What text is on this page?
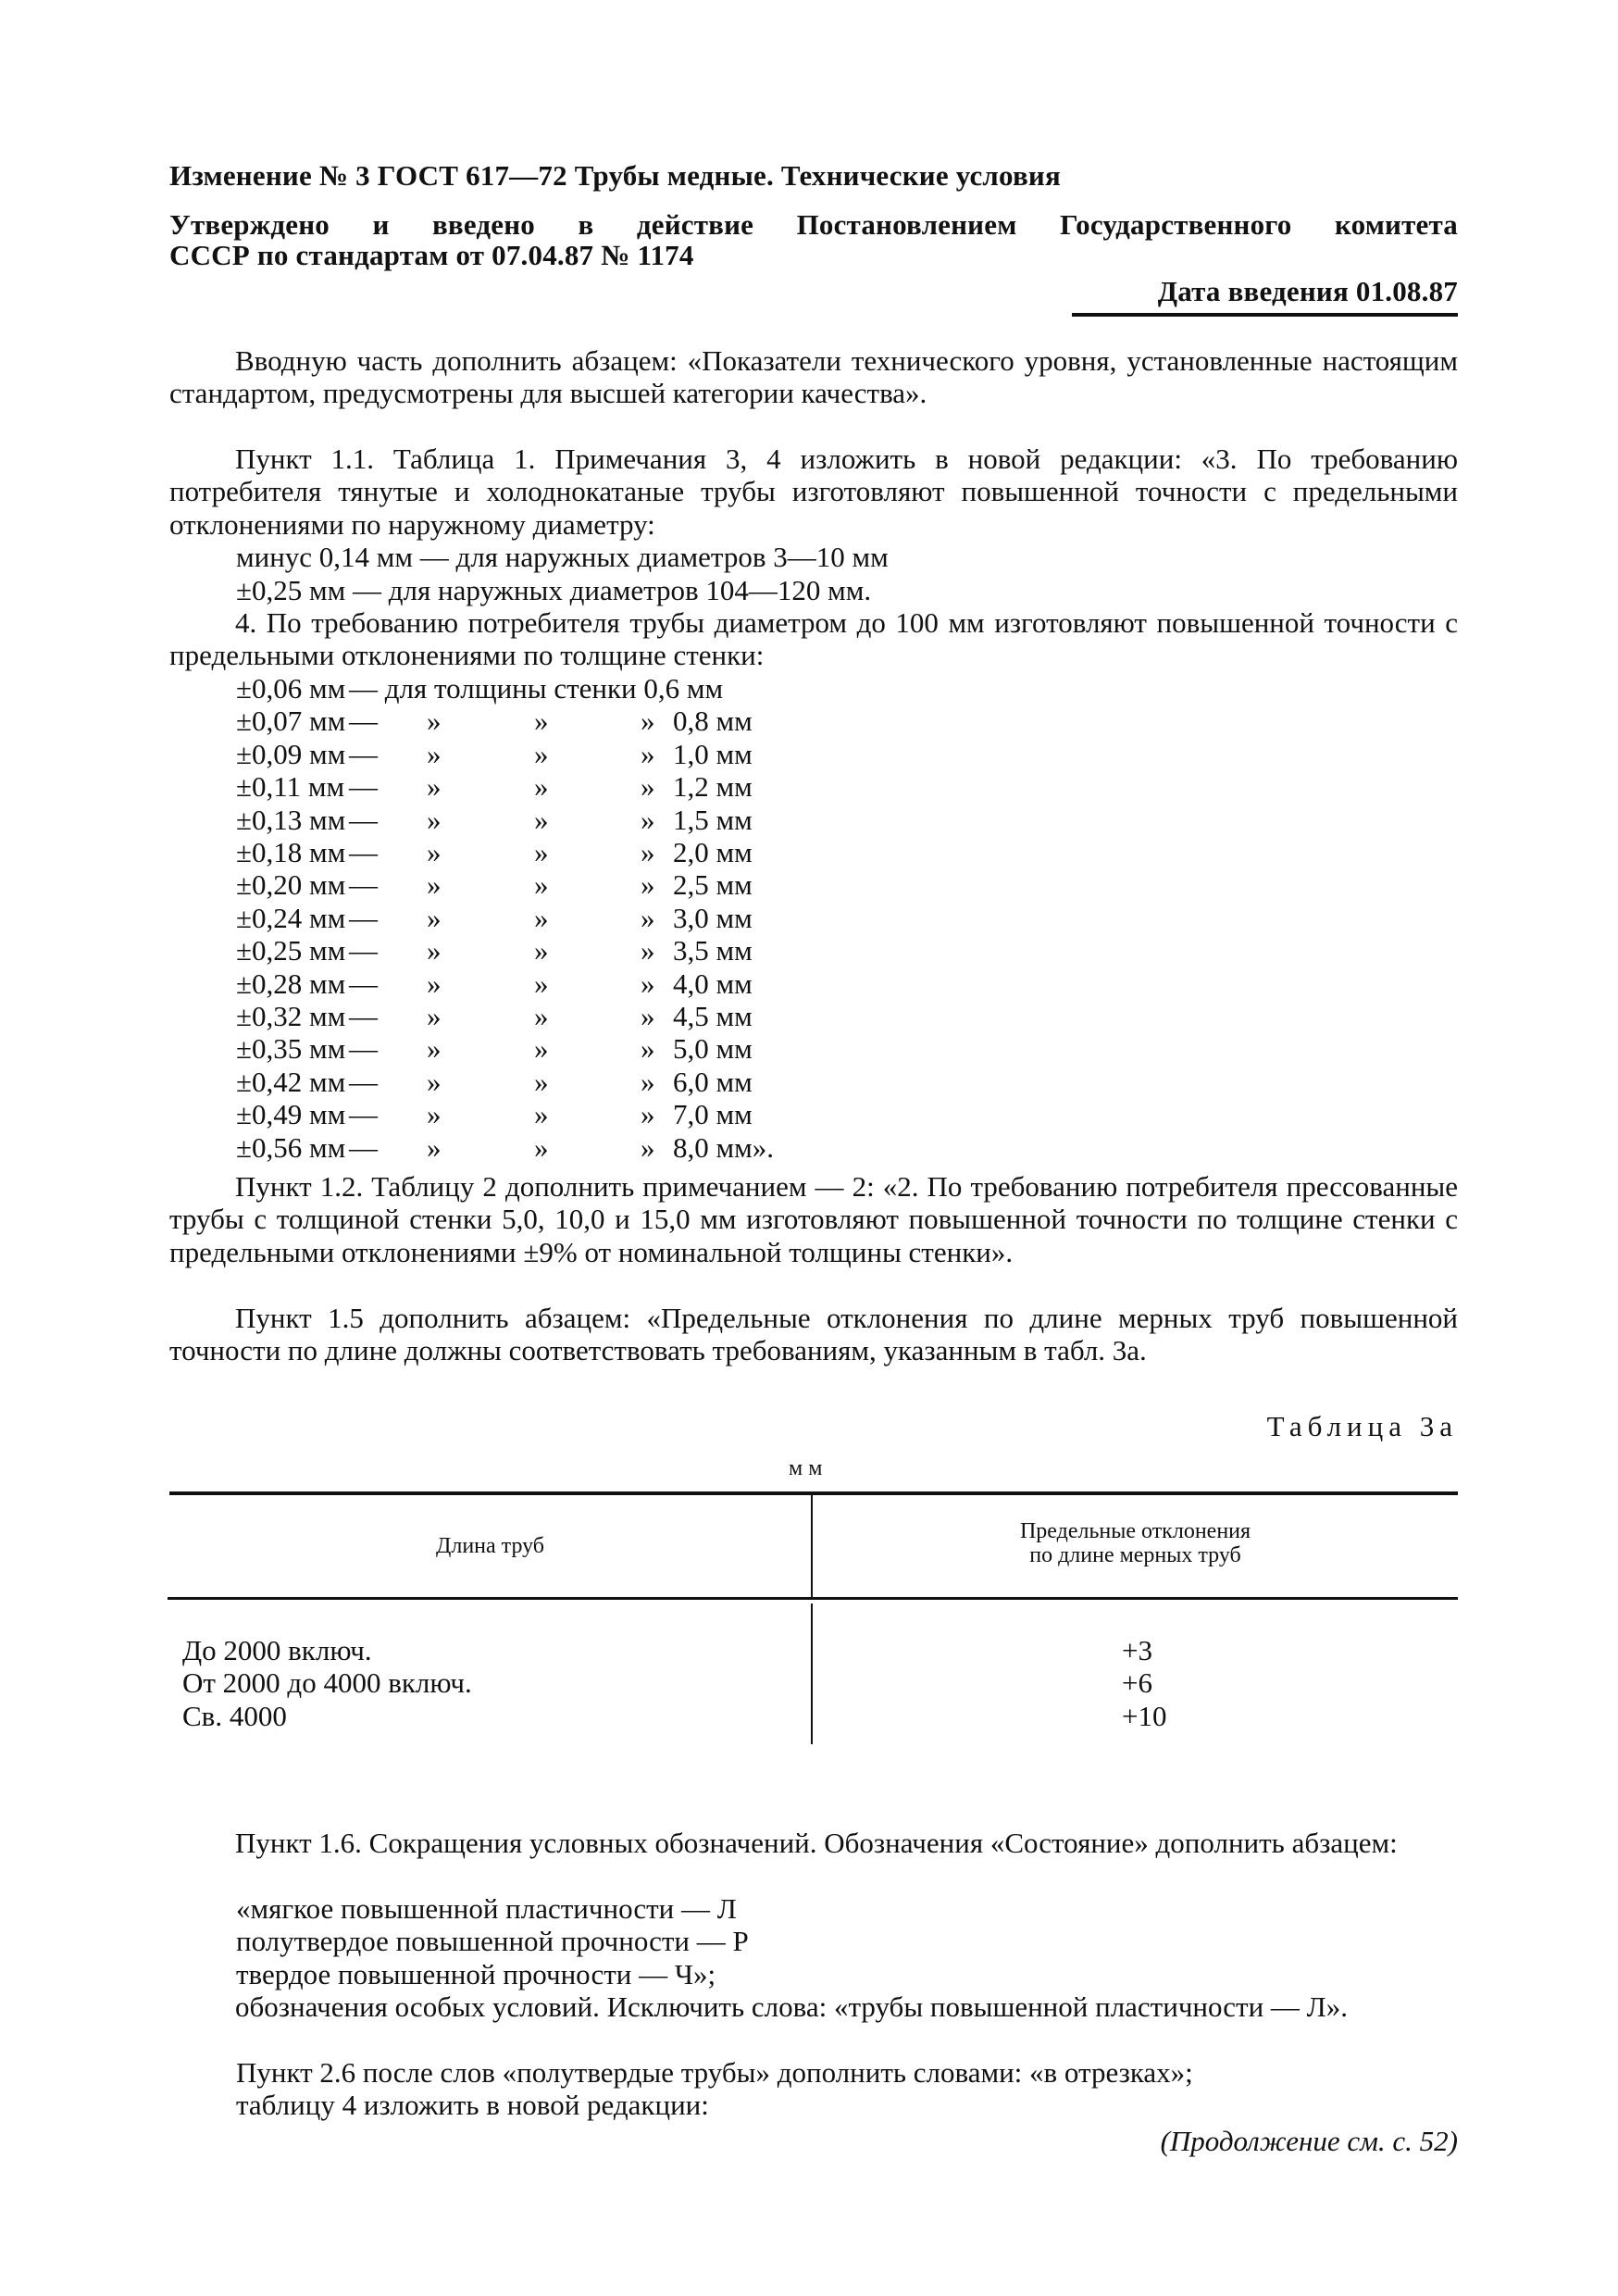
Изменение № 3 ГОСТ 617—72 Трубы медные. Технические условия
Утверждено и введено в действие Постановлением Государственного комитета
СССР по стандартам от 07.04.87 № 1174
Дата введения 01.08.87
Вводную часть дополнить абзацем: «Показатели технического уровня, установленные настоящим стандартом, предусмотрены для высшей категории качества».
Пункт 1.1. Таблица 1. Примечания 3, 4 изложить в новой редакции: «3. По требованию потребителя тянутые и холоднокатаные трубы изготовляют повышенной точности с предельными отклонениями по наружному диаметру:
минус 0,14 мм — для наружных диаметров 3—10 мм
±0,25 мм — для наружных диаметров 104—120 мм.
4. По требованию потребителя трубы диаметром до 100 мм изготовляют повышенной точности с предельными отклонениями по толщине стенки:
±0,06 мм — для толщины стенки 0,6 мм
±0,07 мм — »	»	» 0,8 мм
±0,09 мм — »	»	» 1,0 мм
±0,11 мм — »	»	» 1,2 мм
±0,13 мм — »	»	» 1,5 мм
±0,18 мм — »	»	» 2,0 мм
±0,20 мм — »	»	» 2,5 мм
±0,24 мм — »	»	» 3,0 мм
±0,25 мм — »	»	» 3,5 мм
±0,28 мм — »	»	» 4,0 мм
±0,32 мм — »	»	» 4,5 мм
±0,35 мм — »	»	» 5,0 мм
±0,42 мм — »	»	» 6,0 мм
±0,49 мм — »	»	» 7,0 мм
±0,56 мм — »	»	» 8,0 мм».
Пункт 1.2. Таблицу 2 дополнить примечанием — 2: «2. По требованию потребителя прессованные трубы с толщиной стенки 5,0, 10,0 и 15,0 мм изготовляют повышенной точности по толщине стенки с предельными отклонениями ±9% от номинальной толщины стенки».
Пункт 1.5 дополнить абзацем: «Предельные отклонения по длине мерных труб повышенной точности по длине должны соответствовать требованиям, указанным в табл. 3а.
Таблица 3а
мм
Длина труб
Предельные отклонения
по длине мерных труб
До 2000 включ.	+3
От 2000 до 4000 включ.	+6
Св. 4000	+10
Пункт 1.6. Сокращения условных обозначений. Обозначения «Состояние» дополнить абзацем:
«мягкое повышенной пластичности — Л
полутвердое повышенной прочности — Р
твердое повышенной прочности — Ч»;
обозначения особых условий. Исключить слова: «трубы повышенной пластичности — Л».
Пункт 2.6 после слов «полутвердые трубы» дополнить словами: «в отрезках»;
таблицу 4 изложить в новой редакции:
(Продолжение см. с. 52)
